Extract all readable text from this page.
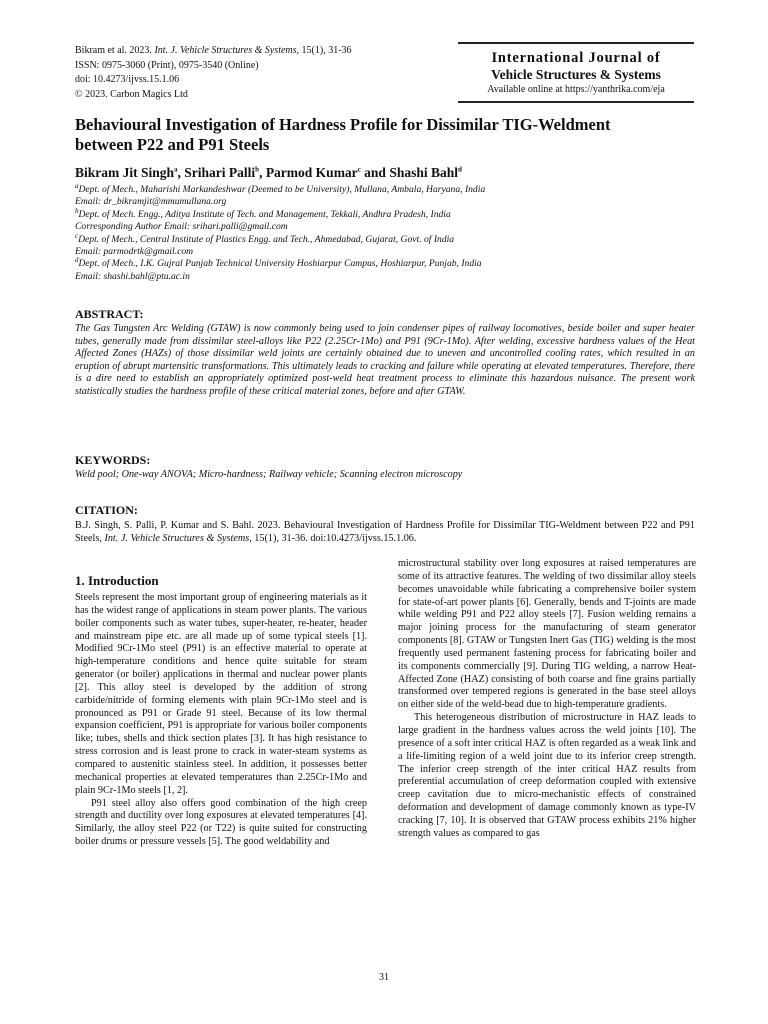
Bikram et al. 2023. Int. J. Vehicle Structures & Systems, 15(1), 31-36
ISSN: 0975-3060 (Print), 0975-3540 (Online)
doi: 10.4273/ijvss.15.1.06
© 2023. Carbon Magics Ltd
International Journal of
Vehicle Structures & Systems
Available online at https://yanthrika.com/eja
Behavioural Investigation of Hardness Profile for Dissimilar TIG-Weldment
between P22 and P91 Steels
Bikram Jit Singh$^a$, Srihari Palli$^b$, Parmod Kumar$^c$ and Shashi Bahl$^d$
$^a$Dept. of Mech., Maharishi Markandeshwar (Deemed to be University), Mullana, Ambala, Haryana, India
Email: dr_bikramjit@mmumullana.org
$^b$Dept. of Mech. Engg., Aditya Institute of Tech. and Management, Tekkali, Andhra Pradesh, India
Corresponding Author Email: srihari.palli@gmail.com
$^c$Dept. of Mech., Central Institute of Plastics Engg. and Tech., Ahmedabad, Gujarat, Govt. of India
Email: parmodrtk@gmail.com
$^d$Dept. of Mech., I.K. Gujral Punjab Technical University Hoshiarpur Campus, Hoshiarpur, Punjab, India
Email: shashi.bahl@ptu.ac.in
ABSTRACT:
The Gas Tungsten Arc Welding (GTAW) is now commonly being used to join condenser pipes of railway locomotives, beside boiler and super heater tubes, generally made from dissimilar steel-alloys like P22 (2.25Cr-1Mo) and P91 (9Cr-1Mo). After welding, excessive hardness values of the Heat Affected Zones (HAZs) of those dissimilar weld joints are certainly obtained due to uneven and uncontrolled cooling rates, which resulted in an eruption of abrupt martensitic transformations. This ultimately leads to cracking and failure while operating at elevated temperatures. Therefore, there is a dire need to establish an appropriately optimized post-weld heat treatment process to eliminate this hazardous nuisance. The present work statistically studies the hardness profile of these critical material zones, before and after GTAW.
KEYWORDS:
Weld pool; One-way ANOVA; Micro-hardness; Railway vehicle; Scanning electron microscopy
CITATION:
B.J. Singh, S. Palli, P. Kumar and S. Bahl. 2023. Behavioural Investigation of Hardness Profile for Dissimilar TIG-Weldment between P22 and P91 Steels, Int. J. Vehicle Structures & Systems, 15(1), 31-36. doi:10.4273/ijvss.15.1.06.
1. Introduction

Steels represent the most important group of engineering materials as it has the widest range of applications in steam power plants. The various boiler components such as water tubes, super-heater, re-heater, header and mainstream pipe etc. are all made up of some typical steels [1]. Modified 9Cr-1Mo steel (P91) is an effective material to operate at high-temperature conditions and hence quite suitable for steam generator (or boiler) applications in thermal and nuclear power plants [2]. This alloy steel is developed by the addition of strong carbide/nitride of forming elements with plain 9Cr-1Mo steel and is pronounced as P91 or Grade 91 steel. Because of its low thermal expansion coefficient, P91 is appropriate for various boiler components like; tubes, shells and thick section plates [3]. It has high resistance to stress corrosion and is least prone to crack in water-steam systems as compared to austenitic stainless steel. In addition, it possesses better mechanical properties at elevated temperatures than 2.25Cr-1Mo and plain 9Cr-1Mo steels [1, 2].

P91 steel alloy also offers good combination of the high creep strength and ductility over long exposures at elevated temperatures [4]. Similarly, the alloy steel P22 (or T22) is quite suited for constructing boiler drums or pressure vessels [5]. The good weldability and

microstructural stability over long exposures at raised temperatures are some of its attractive features. The welding of two dissimilar alloy steels becomes unavoidable while fabricating a comprehensive boiler system for state-of-art power plants [6]. Generally, bends and T-joints are made while welding P91 and P22 alloy steels [7]. Fusion welding remains a major joining process for the manufacturing of steam generator components [8]. GTAW or Tungsten Inert Gas (TIG) welding is the most frequently used permanent fastening process for fabricating boiler and its components commercially [9]. During TIG welding, a narrow Heat-Affected Zone (HAZ) consisting of both coarse and fine grains partially transformed over tempered regions is generated in the base steel alloys on either side of the weld-bead due to high-temperature gradients.

This heterogeneous distribution of microstructure in HAZ leads to large gradient in the hardness values across the weld joints [10]. The presence of a soft inter critical HAZ is often regarded as a weak link and a life-limiting region of a weld joint due to its inferior creep strength. The inferior creep strength of the inter critical HAZ results from preferential accumulation of creep deformation coupled with extensive creep cavitation due to micro-mechanistic effects of constrained deformation and development of damage commonly known as type-IV cracking [7, 10]. It is observed that GTAW process exhibits 21% higher strength values as compared to gas

31
